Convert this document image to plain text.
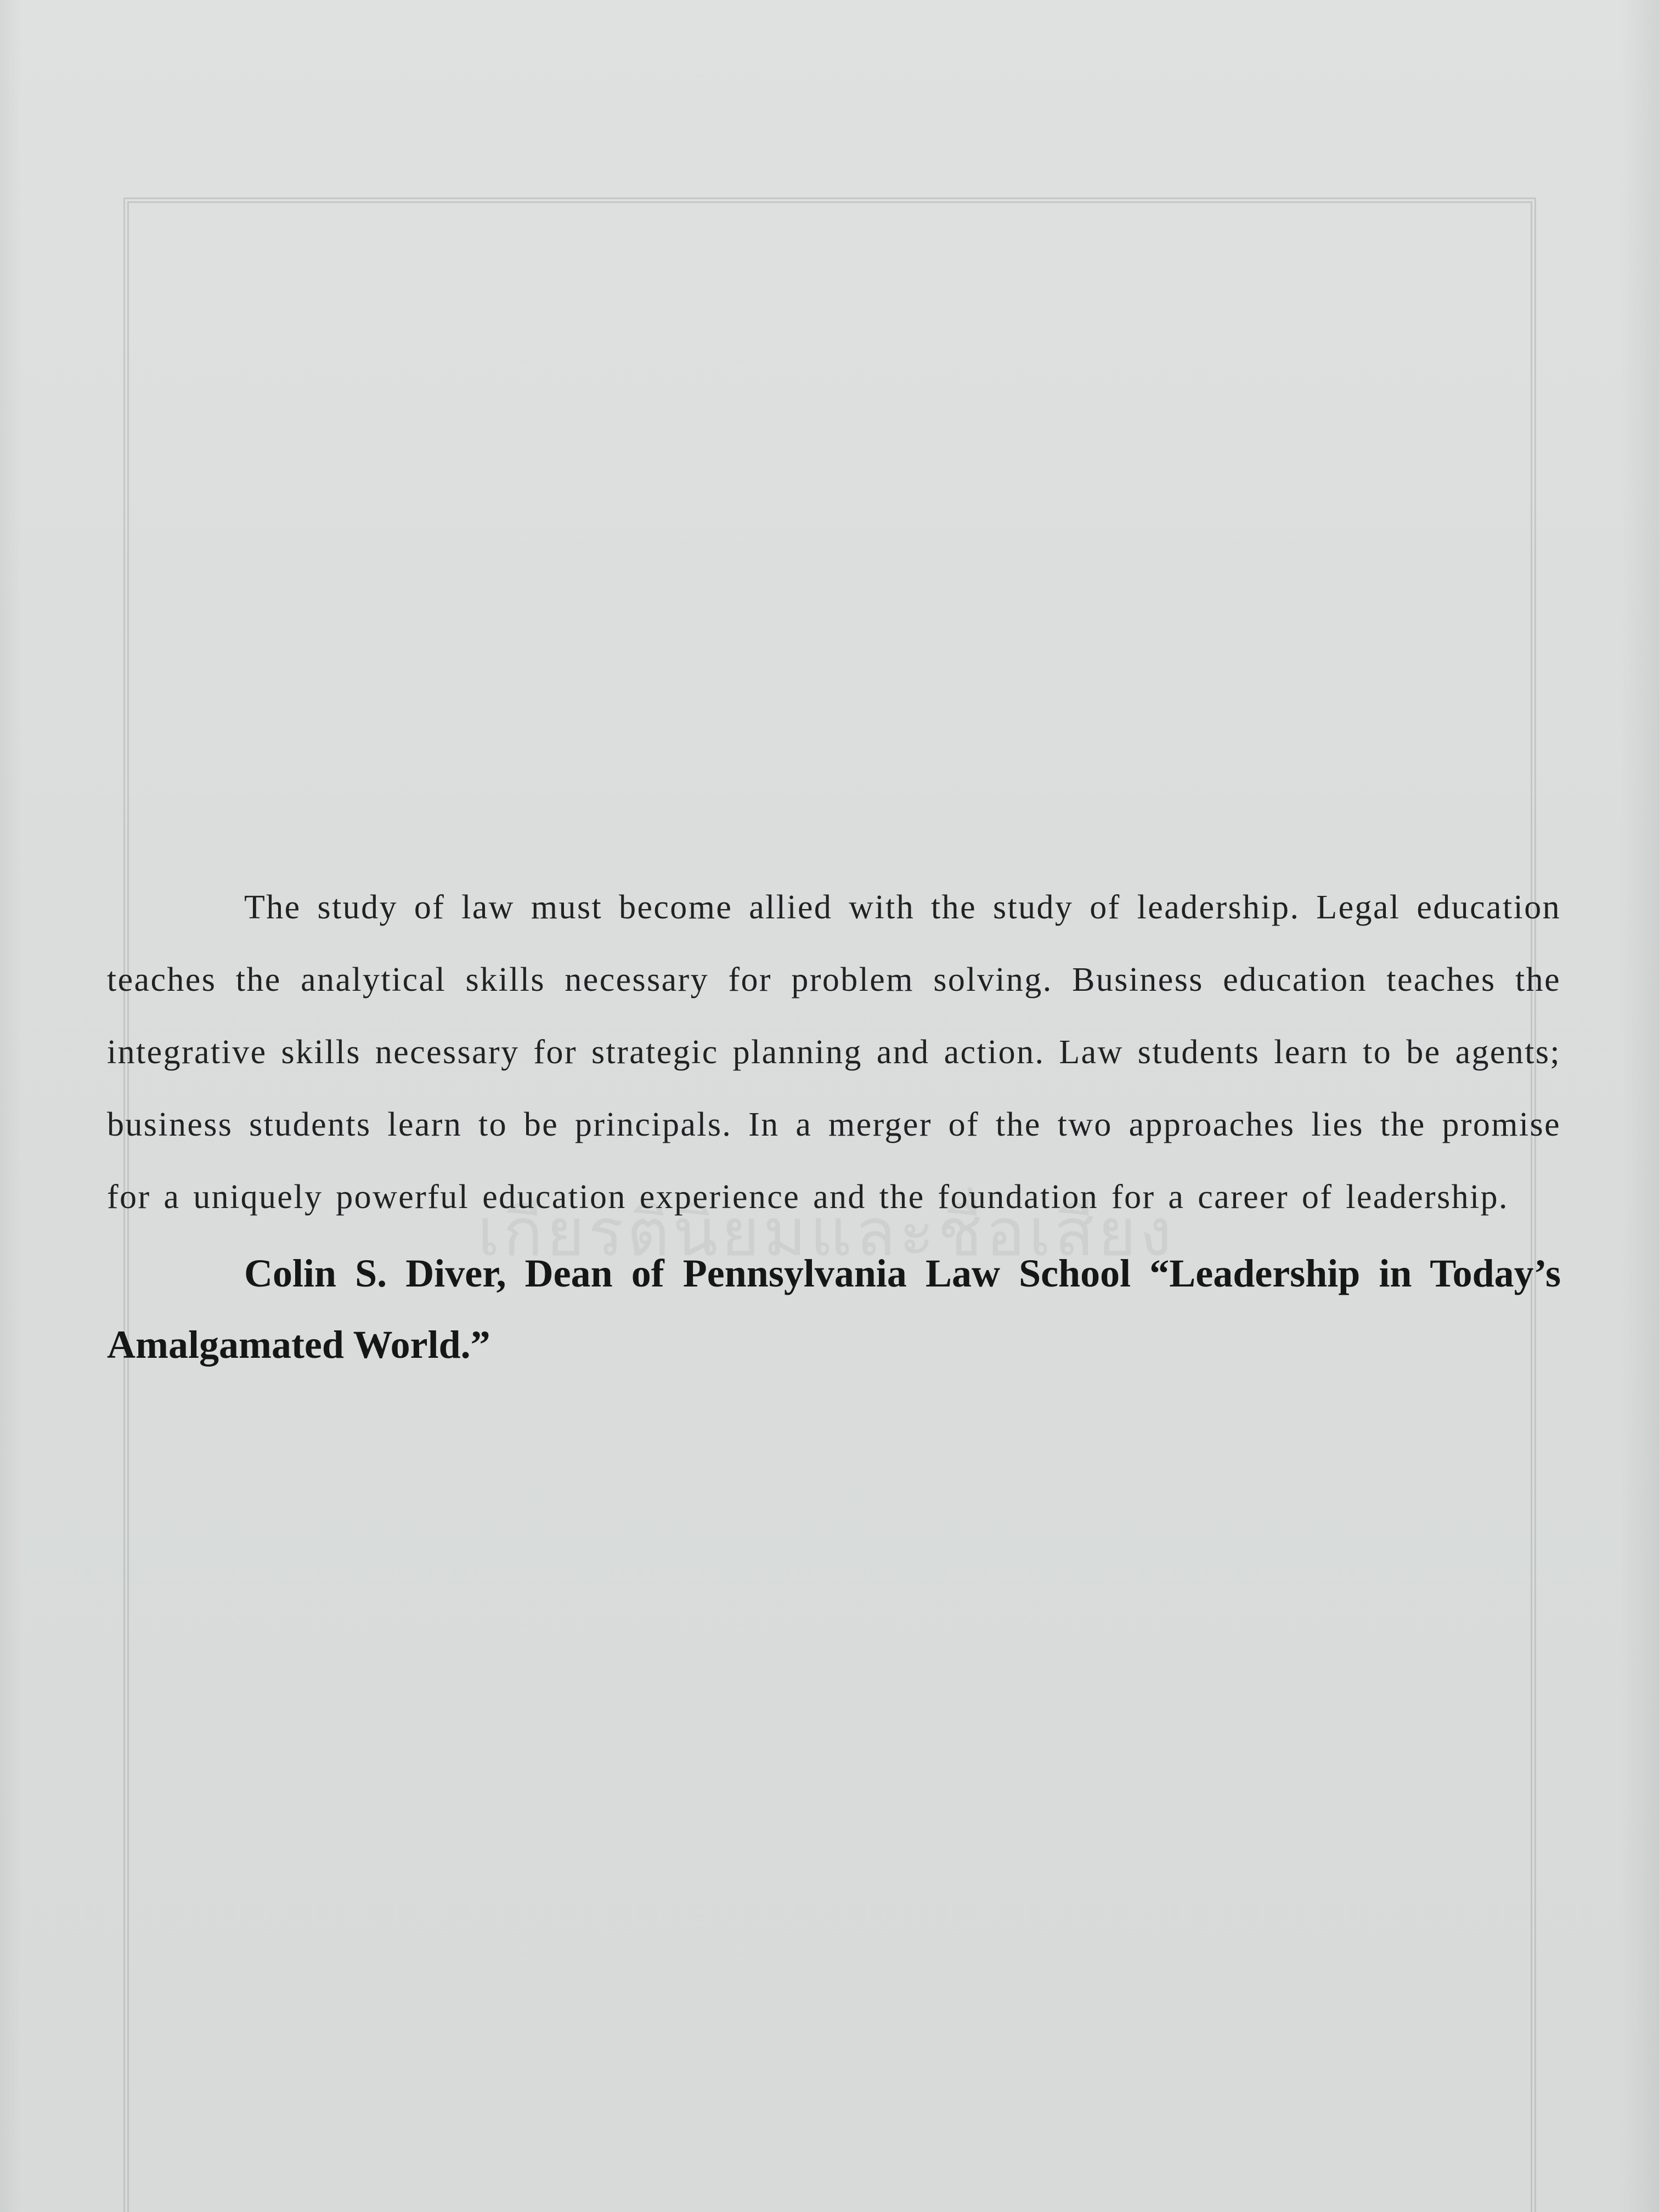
เกียรตินิยมและชื่อเสียง

The study of law must become allied with the study of leadership. Legal education teaches the analytical skills necessary for problem solving. Business education teaches the integrative skills necessary for strategic planning and action. Law students learn to be agents; business students learn to be principals. In a merger of the two approaches lies the promise for a uniquely powerful education experience and the foundation for a career of leadership.

Colin S. Diver, Dean of Pennsylvania Law School “Leadership in Today’s Amalgamated World.”
